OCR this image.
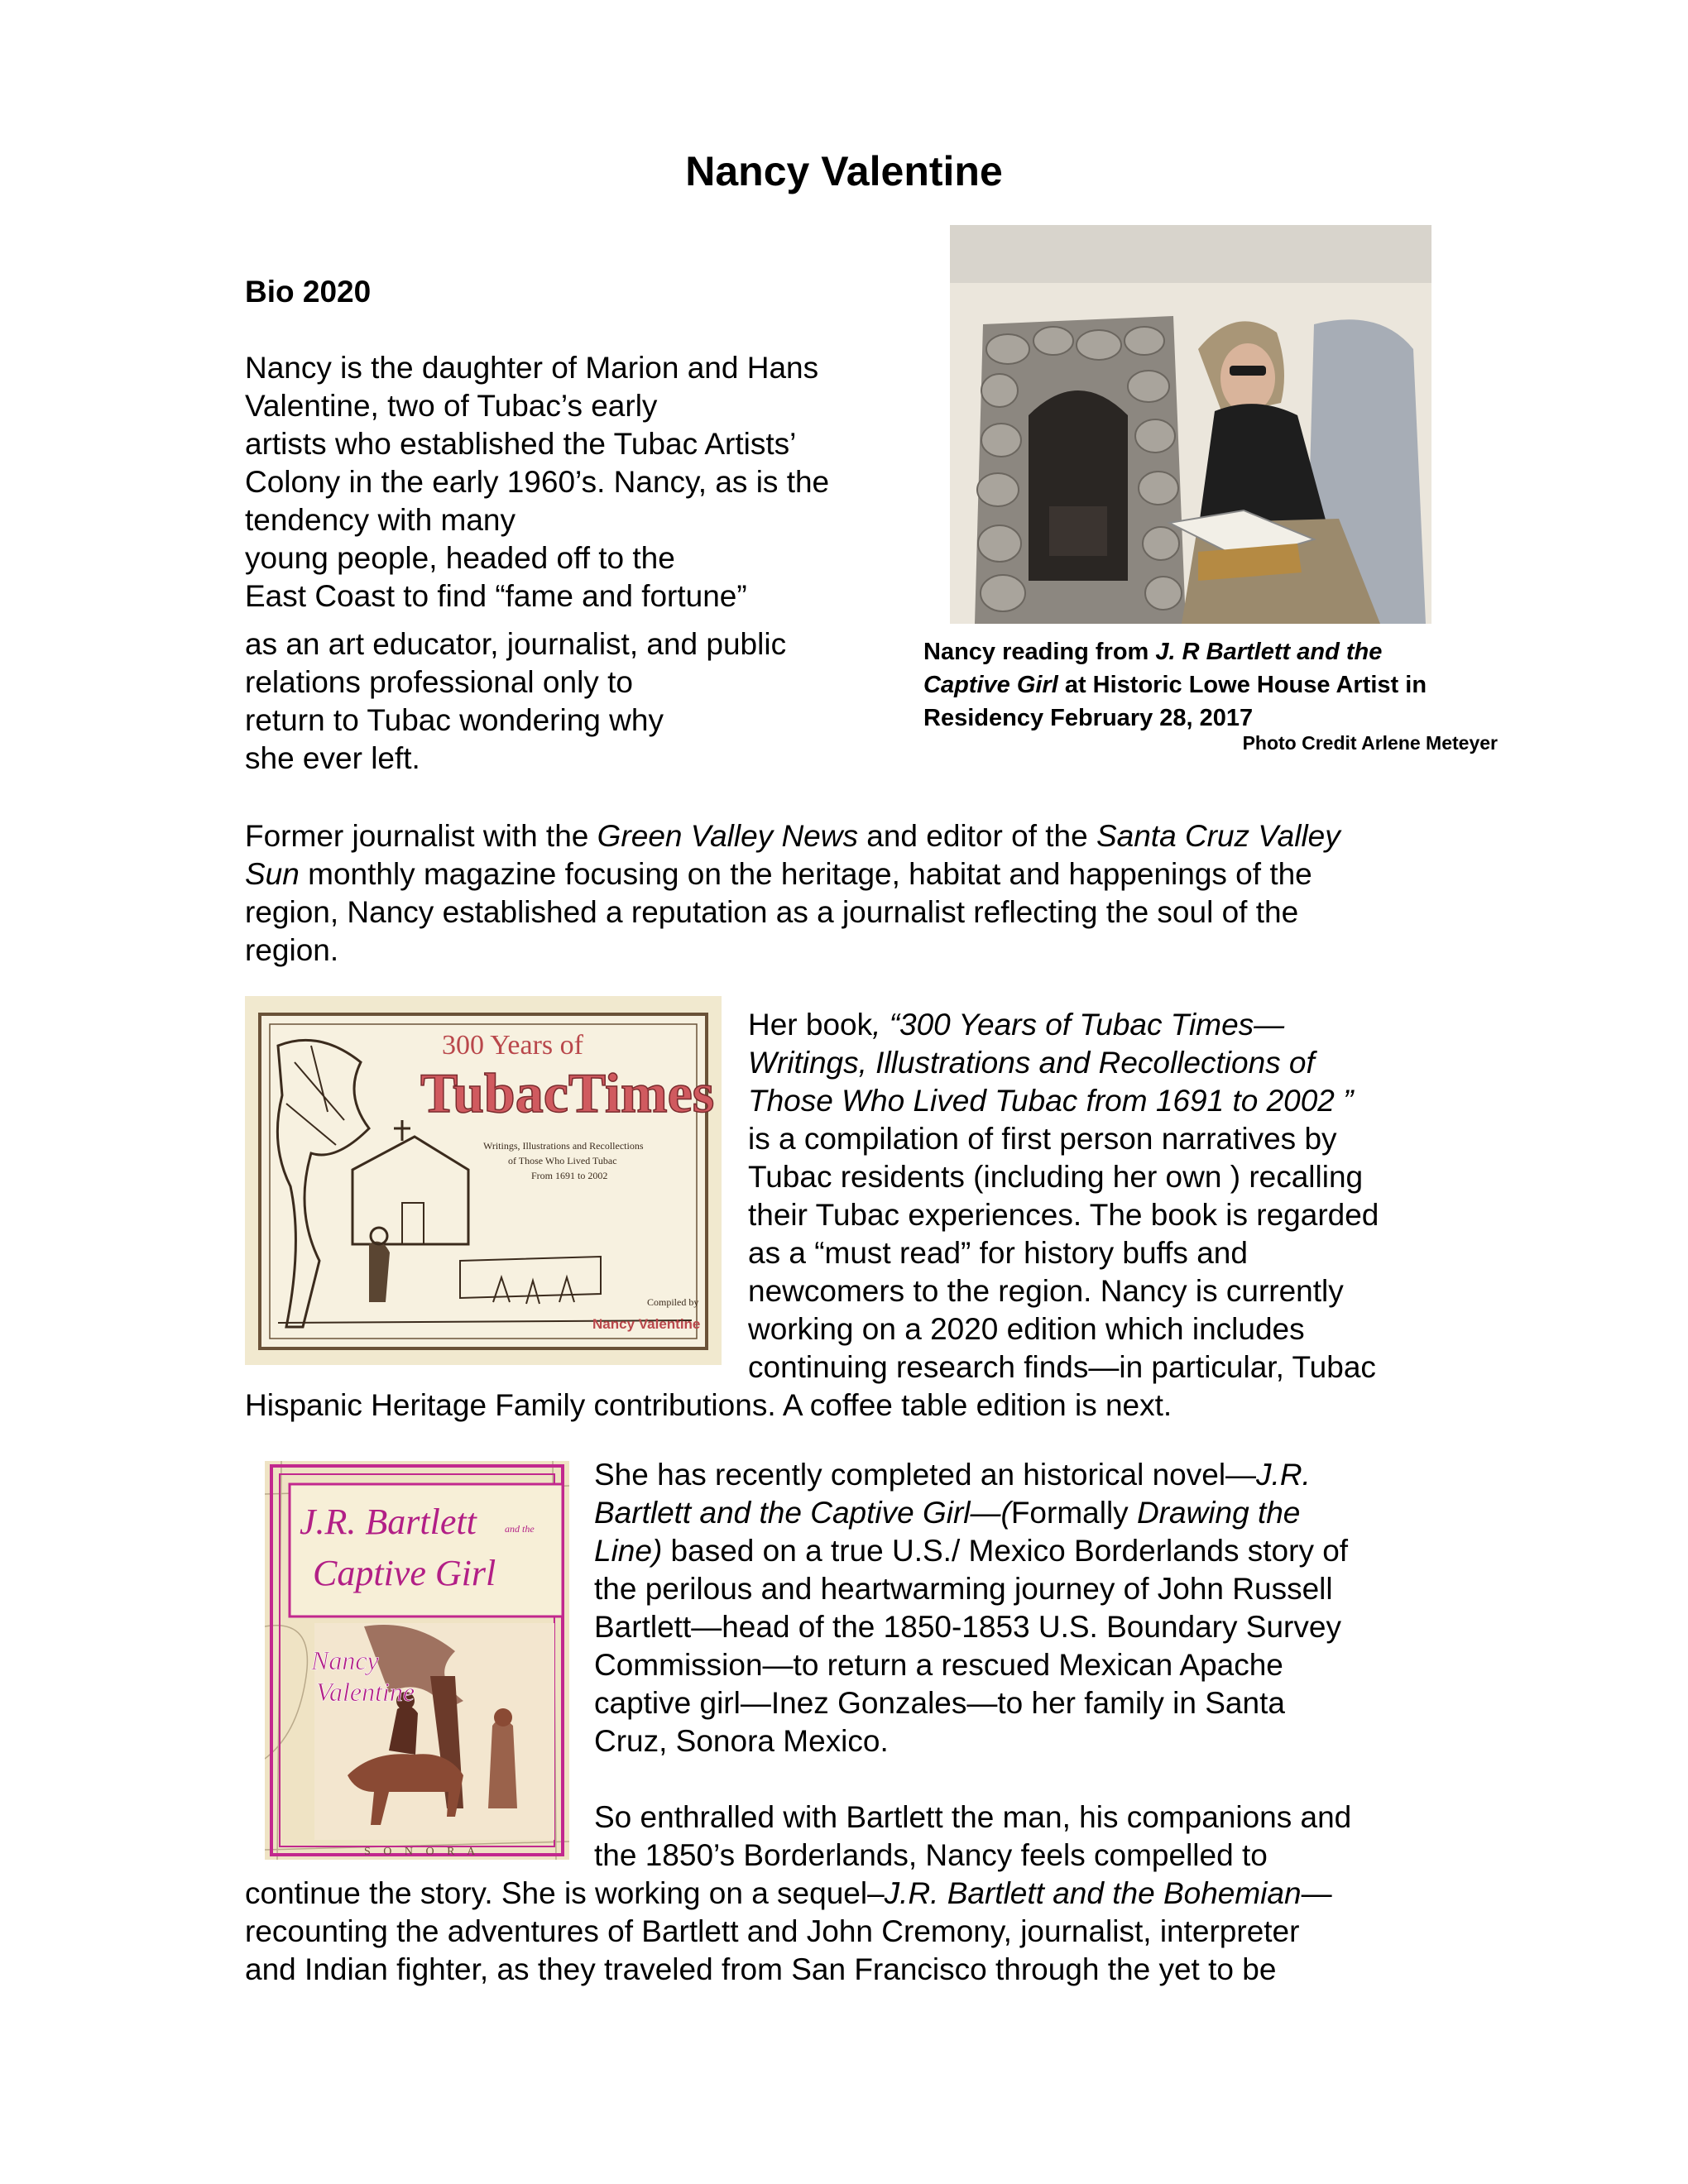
Nancy Valentine
Bio 2020
Nancy is the daughter of Marion and Hans
Valentine, two of Tubac’s early
artists who established the Tubac Artists’
Colony in the early 1960’s. Nancy, as is the
tendency with many
young people, headed off to the
East Coast to find “fame and fortune”
as an art educator, journalist, and public
relations professional only to
return to Tubac wondering why
she ever left.
Nancy reading from J. R Bartlett and the
Captive Girl at Historic Lowe House Artist in
Residency February 28, 2017
Photo Credit Arlene Meteyer
Former journalist with the Green Valley News and editor of the Santa Cruz Valley
Sun monthly magazine focusing on the heritage, habitat and happenings of the
region, Nancy established a reputation as a journalist reflecting the soul of the
region.
300 Years of
TubacTimes
Writings, Illustrations and Recollections
of Those Who Lived Tubac
From 1691 to 2002
Compiled by
Nancy Valentine
Her book, “300 Years of Tubac Times—
Writings, Illustrations and Recollections of
Those Who Lived Tubac from 1691 to 2002 ”
is a compilation of first person narratives by
Tubac residents (including her own ) recalling
their Tubac experiences. The book is regarded
as a “must read” for history buffs and
newcomers to the region. Nancy is currently
working on a 2020 edition which includes
continuing research finds—in particular, Tubac
Hispanic Heritage Family contributions. A coffee table edition is next.
J.R. Bartlett	and the
Captive Girl
Nancy
Valentine
S O N O R A
She has recently completed an historical novel—J.R.
Bartlett and the Captive Girl—(Formally Drawing the
Line) based on a true U.S./ Mexico Borderlands story of
the perilous and heartwarming journey of John Russell
Bartlett—head of the 1850-1853 U.S. Boundary Survey
Commission—to return a rescued Mexican Apache
captive girl—Inez Gonzales—to her family in Santa
Cruz, Sonora Mexico.
So enthralled with Bartlett the man, his companions and
the 1850’s Borderlands, Nancy feels compelled to
continue the story. She is working on a sequel–J.R. Bartlett and the Bohemian—
recounting the adventures of Bartlett and John Cremony, journalist, interpreter
and Indian fighter, as they traveled from San Francisco through the yet to be
